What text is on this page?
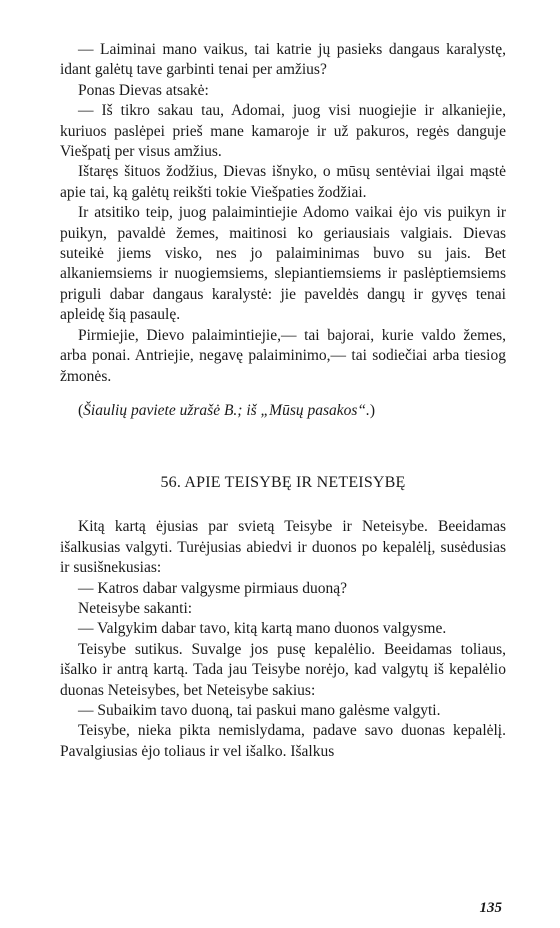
— Laiminai mano vaikus, tai katrie jų pasieks dangaus karalystę, idant galėtų tave garbinti tenai per amžius?

Ponas Dievas atsakė:

— Iš tikro sakau tau, Adomai, juog visi nuogiejie ir alkaniejie, kuriuos paslėpei prieš mane kamaroje ir už pakuros, regės danguje Viešpatį per visus amžius.

Ištaręs šituos žodžius, Dievas išnyko, o mūsų sentėviai ilgai mąstė apie tai, ką galėtų reikšti tokie Viešpaties žodžiai.

Ir atsitiko teip, juog palaimintiejie Adomo vaikai ėjo vis puikyn ir puikyn, pavaldė žemes, maitinosi ko geriausiais valgiais. Dievas suteikė jiems visko, nes jo palaiminimas buvo su jais. Bet alkaniemsiems ir nuogiemsiems, slepiantiemsiems ir paslėptiemsiems priguli dabar dangaus karalystė: jie paveldės dangų ir gyvęs tenai apleidę šią pasaulę.

Pirmiejie, Dievo palaimintiejie,— tai bajorai, kurie valdo žemes, arba ponai. Antriejie, negavę palaiminimo,— tai sodiečiai arba tiesiog žmonės.

(Šiaulių paviete užrašė B.; iš „Mūsų pasakos“.)

56. APIE TEISYBĘ IR NETEISYBĘ

Kitą kartą ėjusias par svietą Teisybe ir Neteisybe. Beeidamas išalkusias valgyti. Turėjusias abiedvi ir duonos po kepalėlį, susėdusias ir susišnekusias:

— Katros dabar valgysme pirmiaus duoną?

Neteisybe sakanti:

— Valgykim dabar tavo, kitą kartą mano duonos valgysme.

Teisybe sutikus. Suvalge jos pusę kepalėlio. Beeidamas toliaus, išalko ir antrą kartą. Tada jau Teisybe norėjo, kad valgytų iš kepalėlio duonas Neteisybes, bet Neteisybe sakius:

— Subaikim tavo duoną, tai paskui mano galėsme valgyti.

Teisybe, nieka pikta nemislydama, padave savo duonas kepalėlį. Pavalgiusias ėjo toliaus ir vel išalko. Išalkus

135
